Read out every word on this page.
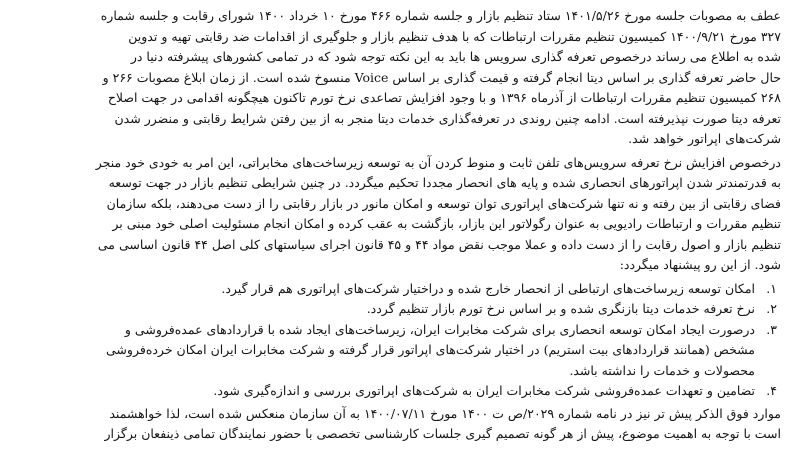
عطف به مصوبات جلسه مورخ ۱۴۰۱/۵/۲۶ ستاد تنظیم بازار و جلسه شماره ۴۶۶ مورخ ۱۰ خرداد ۱۴۰۰ شورای رقابت و جلسه شماره
۳۲۷ مورخ ۱۴۰۰/۹/۲۱ کمیسیون تنظیم مقررات ارتباطات که با هدف تنظیم بازار و جلوگیری از اقدامات ضد رقابتی تهیه و تدوین
شده به اطلاع می رساند درخصوص تعرفه گذاری سرویس ها باید به این نکته توجه شود که در تمامی کشورهای پیشرفته دنیا در
حال حاضر تعرفه گذاری بر اساس دیتا انجام گرفته و قیمت گذاری بر اساس Voice منسوخ شده است. از زمان ابلاغ مصوبات ۲۶۶ و
۲۶۸ کمیسیون تنظیم مقررات ارتباطات از آذرماه ۱۳۹۶ و با وجود افزایش تصاعدی نرخ تورم تاکنون هیچگونه اقدامی در جهت اصلاح
تعرفه دیتا صورت نپذیرفته است. ادامه چنین روندی در تعرفه‌گذاری خدمات دیتا منجر به از بین رفتن شرایط رقابتی و منضرر شدن
شرکت‌های اپراتور خواهد شد.

درخصوص افزایش نرخ تعرفه سرویس‌های تلفن ثابت و منوط کردن آن به توسعه زیرساخت‌های مخابراتی، این امر به خودی خود منجر
به قدرتمندتر شدن اپراتورهای انحصاری شده و پایه های انحصار مجددا تحکیم میگردد. در چنین شرایطی تنظیم بازار در جهت توسعه
فضای رقابتی از بین رفته و نه تنها شرکت‌های اپراتوری توان توسعه و امکان مانور در بازار رقابتی را از دست می‌دهند، بلکه سازمان
تنظیم مقررات و ارتباطات رادیویی به عنوان رگولاتور این بازار، بازگشت به عقب کرده و امکان انجام مسئولیت اصلی خود مبنی بر
تنظیم بازار و اصول رقابت را از دست داده و عملا موجب نقض مواد ۴۴ و ۴۵ قانون اجرای سیاستهای کلی اصل ۴۴ قانون اساسی می
شود. از این رو پیشنهاد میگردد:

۱.
امکان توسعه زیرساخت‌های ارتباطی از انحصار خارج شده و دراختیار شرکت‌های اپراتوری هم قرار گیرد.
۲.
نرخ تعرفه خدمات دیتا بازنگری شده و بر اساس نرخ تورم بازار تنظیم گردد.
۳.
درصورت ایجاد امکان توسعه انحصاری برای شرکت مخابرات ایران، زیرساخت‌های ایجاد شده با قراردادهای عمده‌فروشی و
مشخص (همانند قراردادهای بیت استریم) در اختیار شرکت‌های اپراتور قرار گرفته و شرکت مخابرات ایران امکان خرده‌فروشی
محصولات و خدمات را نداشته باشد.
۴.
تضامین و تعهدات عمده‌فروشی شرکت مخابرات ایران به شرکت‌های اپراتوری بررسی و اندازه‌گیری شود.

موارد فوق الذکر پیش تر نیز در نامه شماره ۲۰۲۹/ص ت ۱۴۰۰ مورخ ۱۴۰۰/۰۷/۱۱ به آن سازمان منعکس شده است، لذا خواهشمند
است با توجه به اهمیت موضوع، پیش از هر گونه تصمیم گیری جلسات کارشناسی تخصصی با حضور نمایندگان تمامی ذینفعان برگزار
